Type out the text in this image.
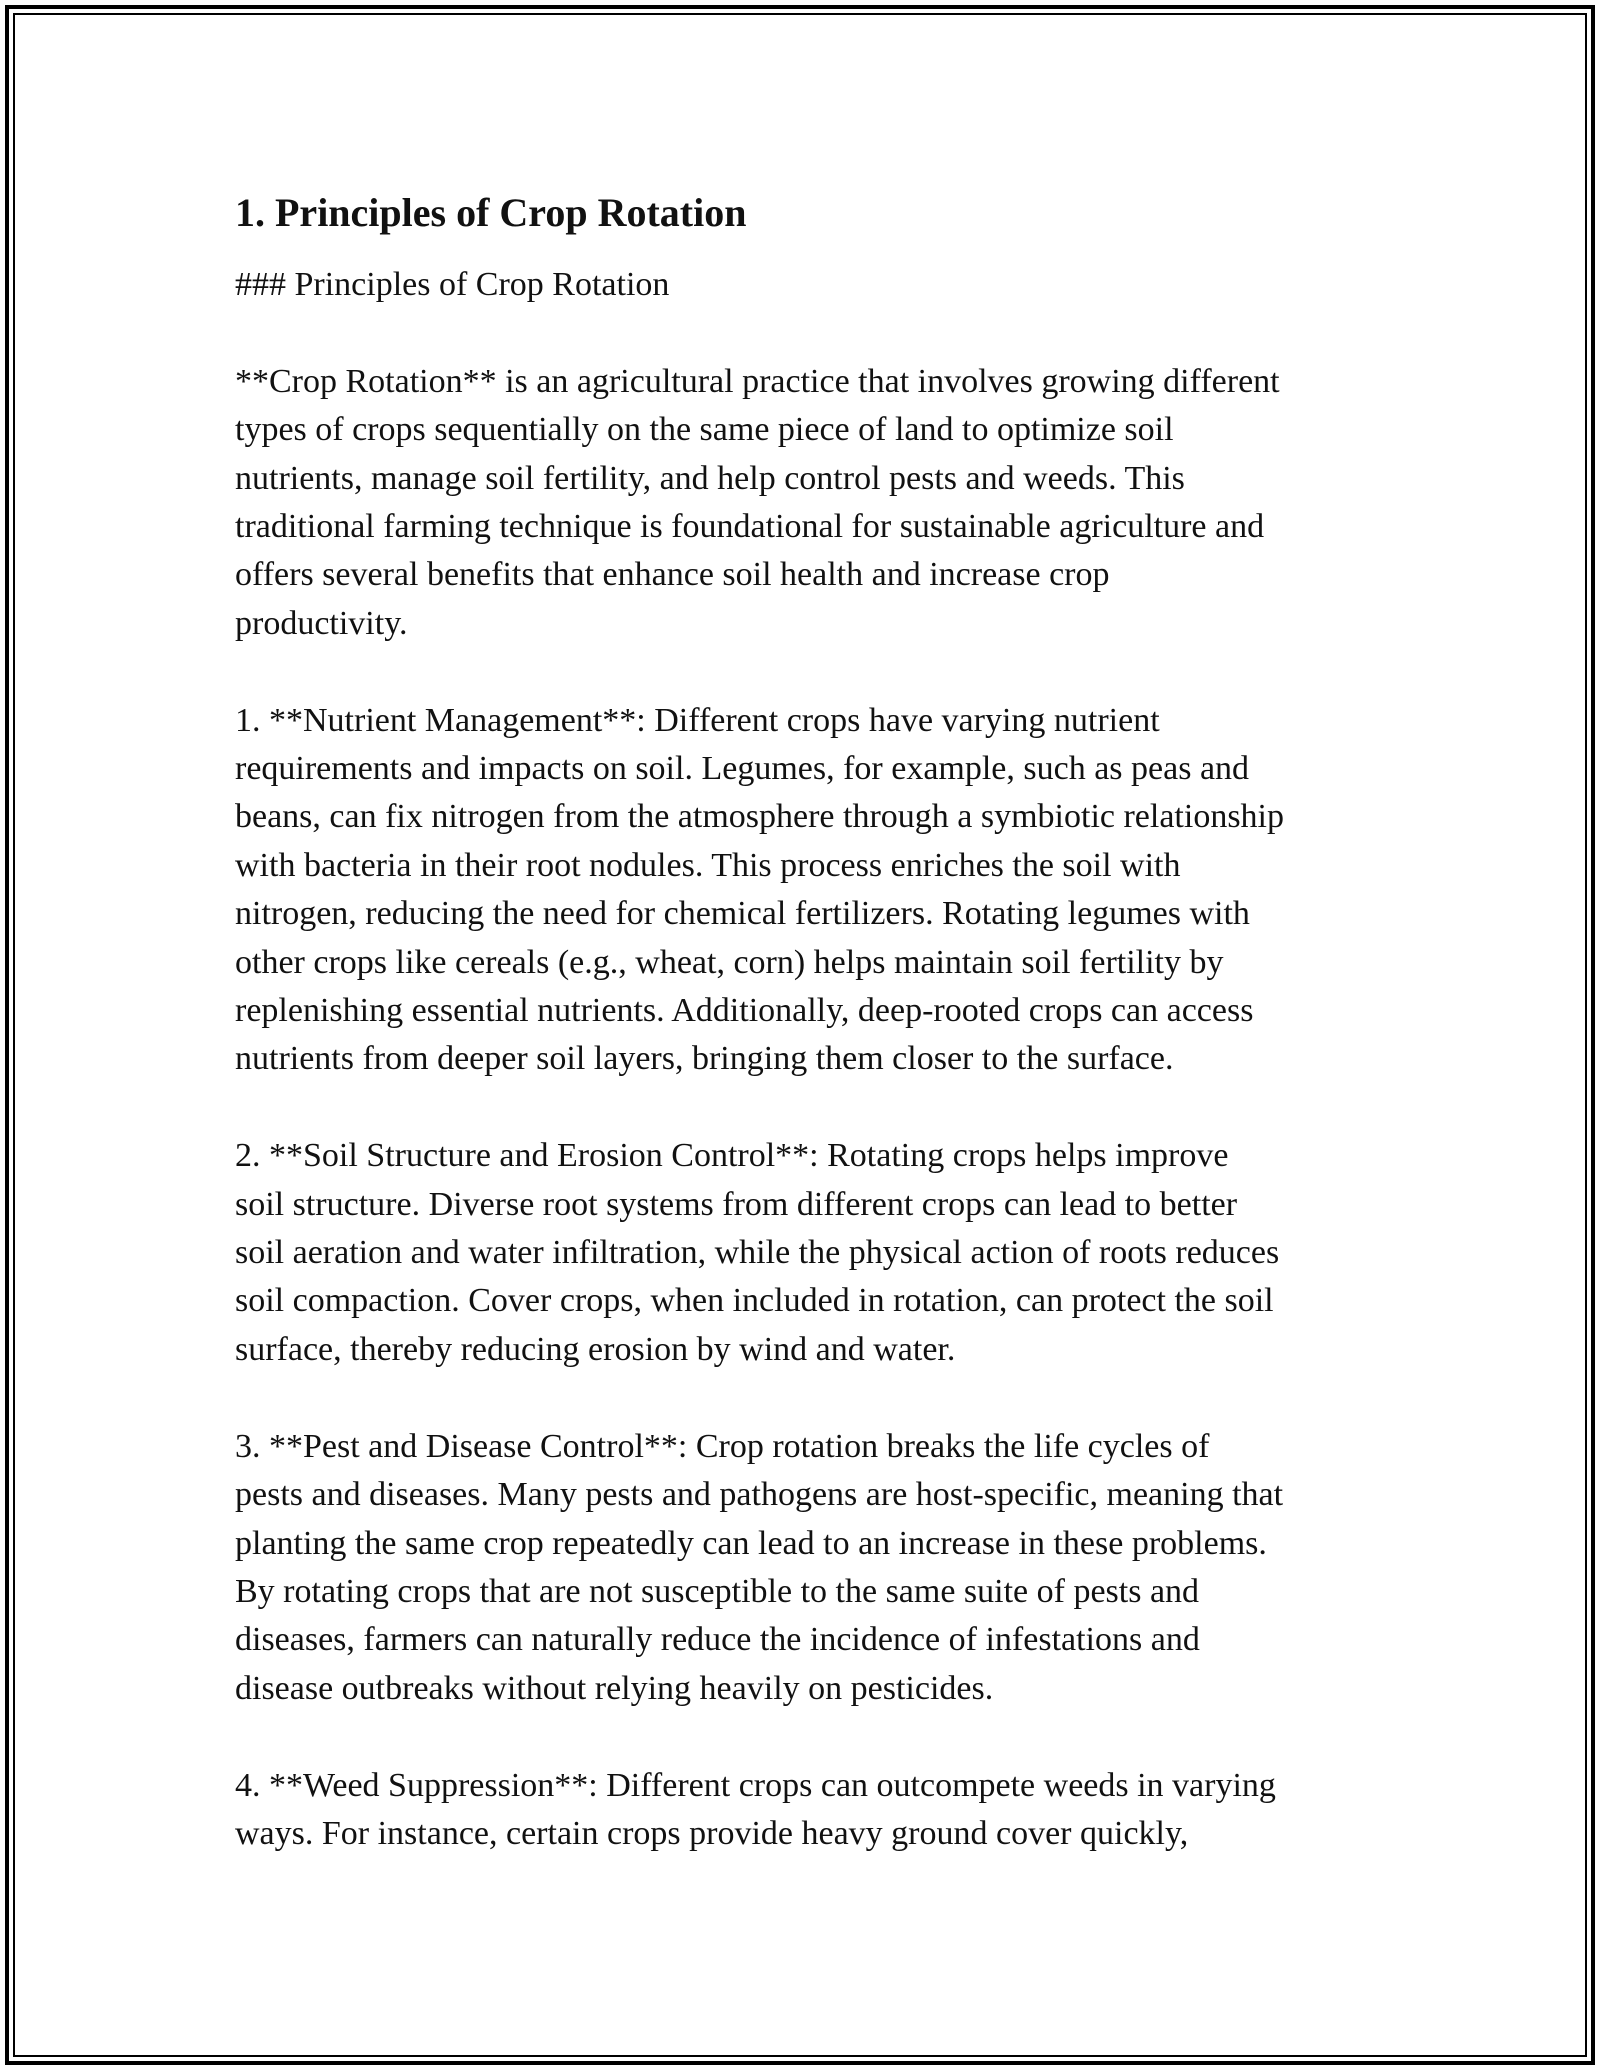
1. Principles of Crop Rotation

### Principles of Crop Rotation

**Crop Rotation** is an agricultural practice that involves growing different
types of crops sequentially on the same piece of land to optimize soil
nutrients, manage soil fertility, and help control pests and weeds. This
traditional farming technique is foundational for sustainable agriculture and
offers several benefits that enhance soil health and increase crop
productivity.

1. **Nutrient Management**: Different crops have varying nutrient
requirements and impacts on soil. Legumes, for example, such as peas and
beans, can fix nitrogen from the atmosphere through a symbiotic relationship
with bacteria in their root nodules. This process enriches the soil with
nitrogen, reducing the need for chemical fertilizers. Rotating legumes with
other crops like cereals (e.g., wheat, corn) helps maintain soil fertility by
replenishing essential nutrients. Additionally, deep-rooted crops can access
nutrients from deeper soil layers, bringing them closer to the surface.

2. **Soil Structure and Erosion Control**: Rotating crops helps improve
soil structure. Diverse root systems from different crops can lead to better
soil aeration and water infiltration, while the physical action of roots reduces
soil compaction. Cover crops, when included in rotation, can protect the soil
surface, thereby reducing erosion by wind and water.

3. **Pest and Disease Control**: Crop rotation breaks the life cycles of
pests and diseases. Many pests and pathogens are host-specific, meaning that
planting the same crop repeatedly can lead to an increase in these problems.
By rotating crops that are not susceptible to the same suite of pests and
diseases, farmers can naturally reduce the incidence of infestations and
disease outbreaks without relying heavily on pesticides.

4. **Weed Suppression**: Different crops can outcompete weeds in varying
ways. For instance, certain crops provide heavy ground cover quickly,
